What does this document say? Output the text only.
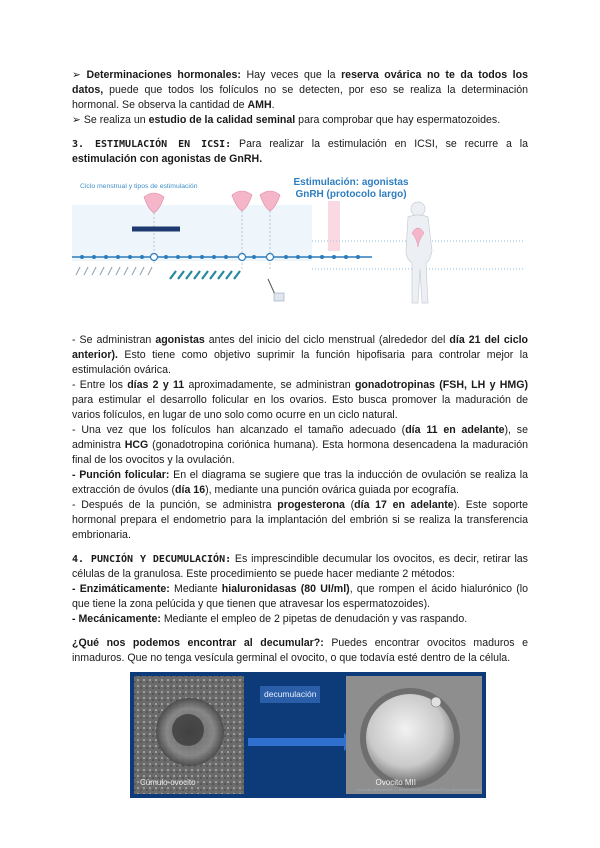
➢ Determinaciones hormonales: Hay veces que la reserva ovárica no te da todos los datos, puede que todos los folículos no se detecten, por eso se realiza la determinación hormonal. Se observa la cantidad de AMH.

➢ Se realiza un estudio de la calidad seminal para comprobar que hay espermatozoides.

3. ESTIMULACIÓN EN ICSI: Para realizar la estimulación en ICSI, se recurre a la estimulación con agonistas de GnRH.

Ciclo menstrual y tipos de estimulación	Estimulación: agonistas GnRH (protocolo largo)

- Se administran agonistas antes del inicio del ciclo menstrual (alrededor del día 21 del ciclo anterior). Esto tiene como objetivo suprimir la función hipofisaria para controlar mejor la estimulación ovárica.

- Entre los días 2 y 11 aproximadamente, se administran gonadotropinas (FSH, LH y HMG) para estimular el desarrollo folicular en los ovarios. Esto busca promover la maduración de varios folículos, en lugar de uno solo como ocurre en un ciclo natural.

- Una vez que los folículos han alcanzado el tamaño adecuado (día 11 en adelante), se administra HCG (gonadotropina coriónica humana). Esta hormona desencadena la maduración final de los ovocitos y la ovulación.

- Punción folicular: En el diagrama se sugiere que tras la inducción de ovulación se realiza la extracción de óvulos (día 16), mediante una punción ovárica guiada por ecografía.

- Después de la punción, se administra progesterona (día 17 en adelante). Este soporte hormonal prepara el endometrio para la implantación del embrión si se realiza la transferencia embrionaria.

4. PUNCIÓN Y DECUMULACIÓN: Es imprescindible decumular los ovocitos, es decir, retirar las células de la granulosa. Este procedimiento se puede hacer mediante 2 métodos:

- Enzimáticamente: Mediante hialuronidasas (80 UI/ml), que rompen el ácido hialurónico (lo que tiene la zona pelúcida y que tienen que atravesar los espermatozoides).

- Mecánicamente: Mediante el empleo de 2 pipetas de denudación y vas raspando.

¿Qué nos podemos encontrar al decumular?: Puedes encontrar ovocitos maduros e inmaduros. Que no tenga vesícula germinal el ovocito, o que todavía esté dentro de la célula.

decumulación
Cúmulo-ovocito	Ovocito MII
Zona de denudación o decumulación (ovocitos MII y espermatozoides)
